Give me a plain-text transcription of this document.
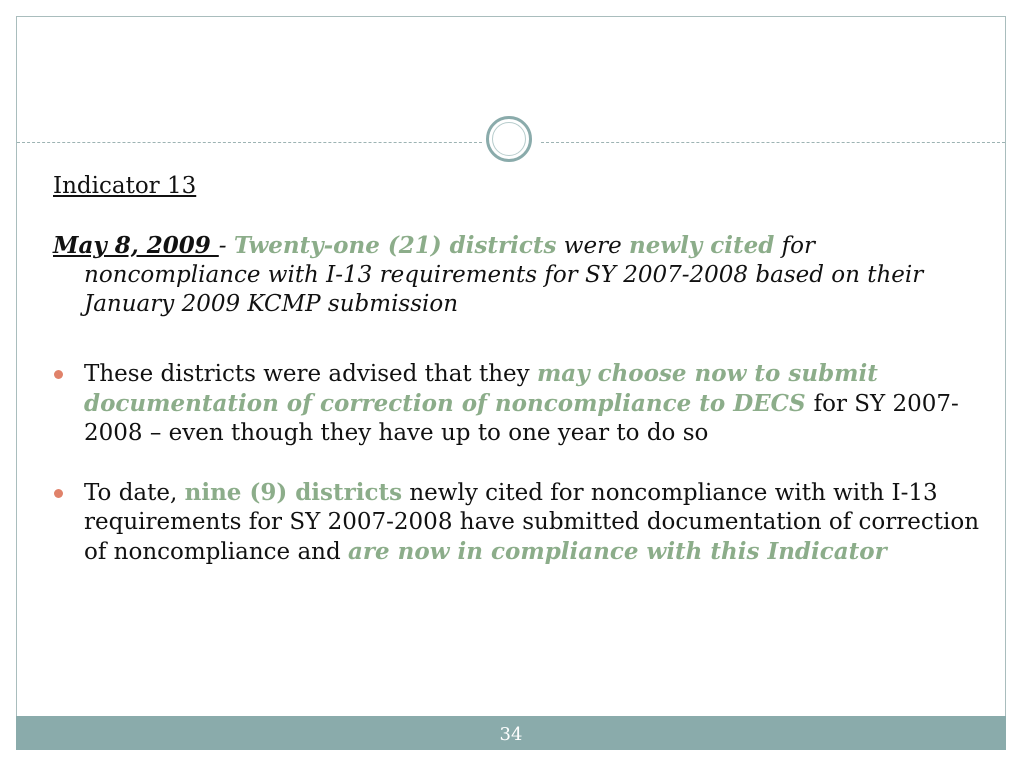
Indicator 13

May 8, 2009 - Twenty-one (21) districts were newly cited for noncompliance with I-13 requirements for SY 2007-2008 based on their January 2009 KCMP submission

These districts were advised that they may choose now to submit documentation of correction of noncompliance to DECS for SY 2007-2008 – even though they have up to one year to do so
To date, nine (9) districts newly cited for noncompliance with with I-13 requirements for SY 2007-2008 have submitted documentation of correction of noncompliance and are now in compliance with this Indicator
34
